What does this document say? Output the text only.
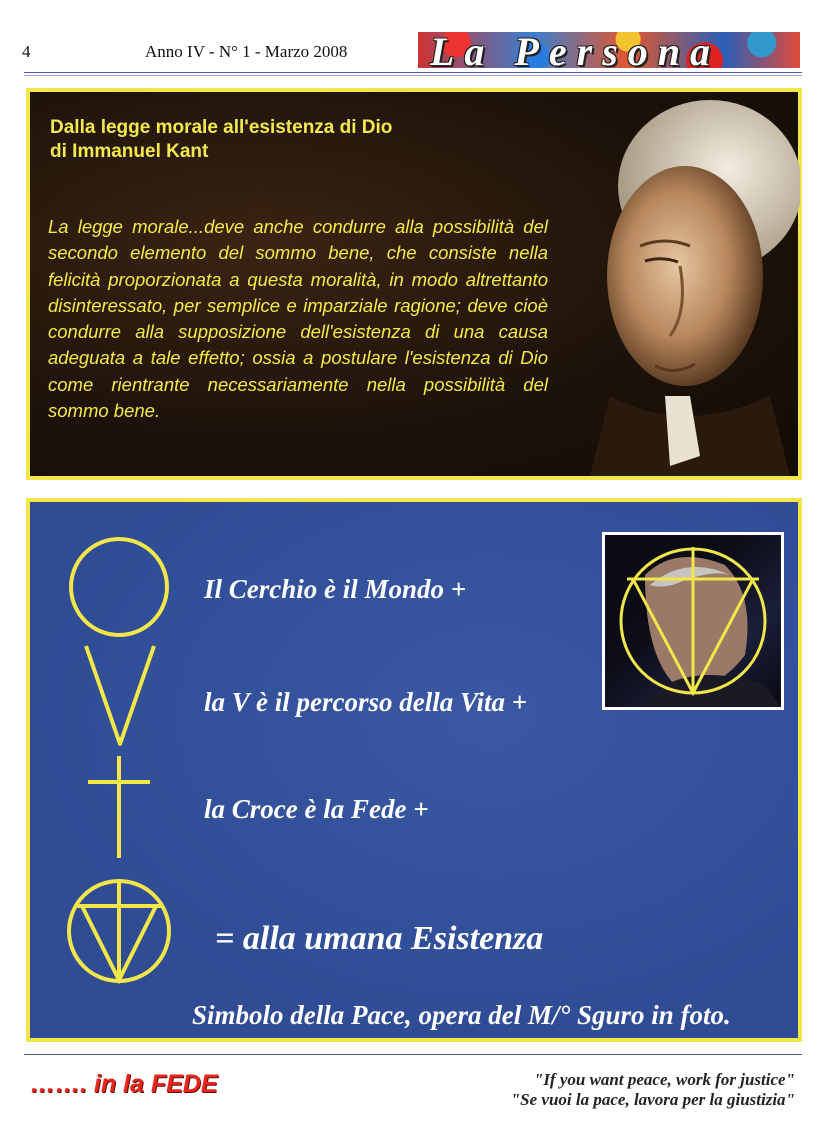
4	Anno IV - N° 1 - Marzo 2008 La Persona
Dalla legge morale all'esistenza di Dio
di Immanuel Kant
La legge morale...deve anche condurre alla possibilità del secondo elemento del sommo bene, che consiste nella felicità proporzionata a questa moralità, in modo altrettanto disinteressato, per semplice e imparziale ragione; deve cioè condurre alla supposizione dell'esistenza di una causa adeguata a tale effetto; ossia a postulare l'esistenza di Dio come rientrante necessariamente nella possibilità del sommo bene.
Il Cerchio è il Mondo +
la V è il percorso della Vita +
la Croce è la Fede +
= alla umana Esistenza
Simbolo della Pace, opera del M/° Sguro in foto.
……. in la FEDE	"If you want peace, work for justice"
"Se vuoi la pace, lavora per la giustizia"
